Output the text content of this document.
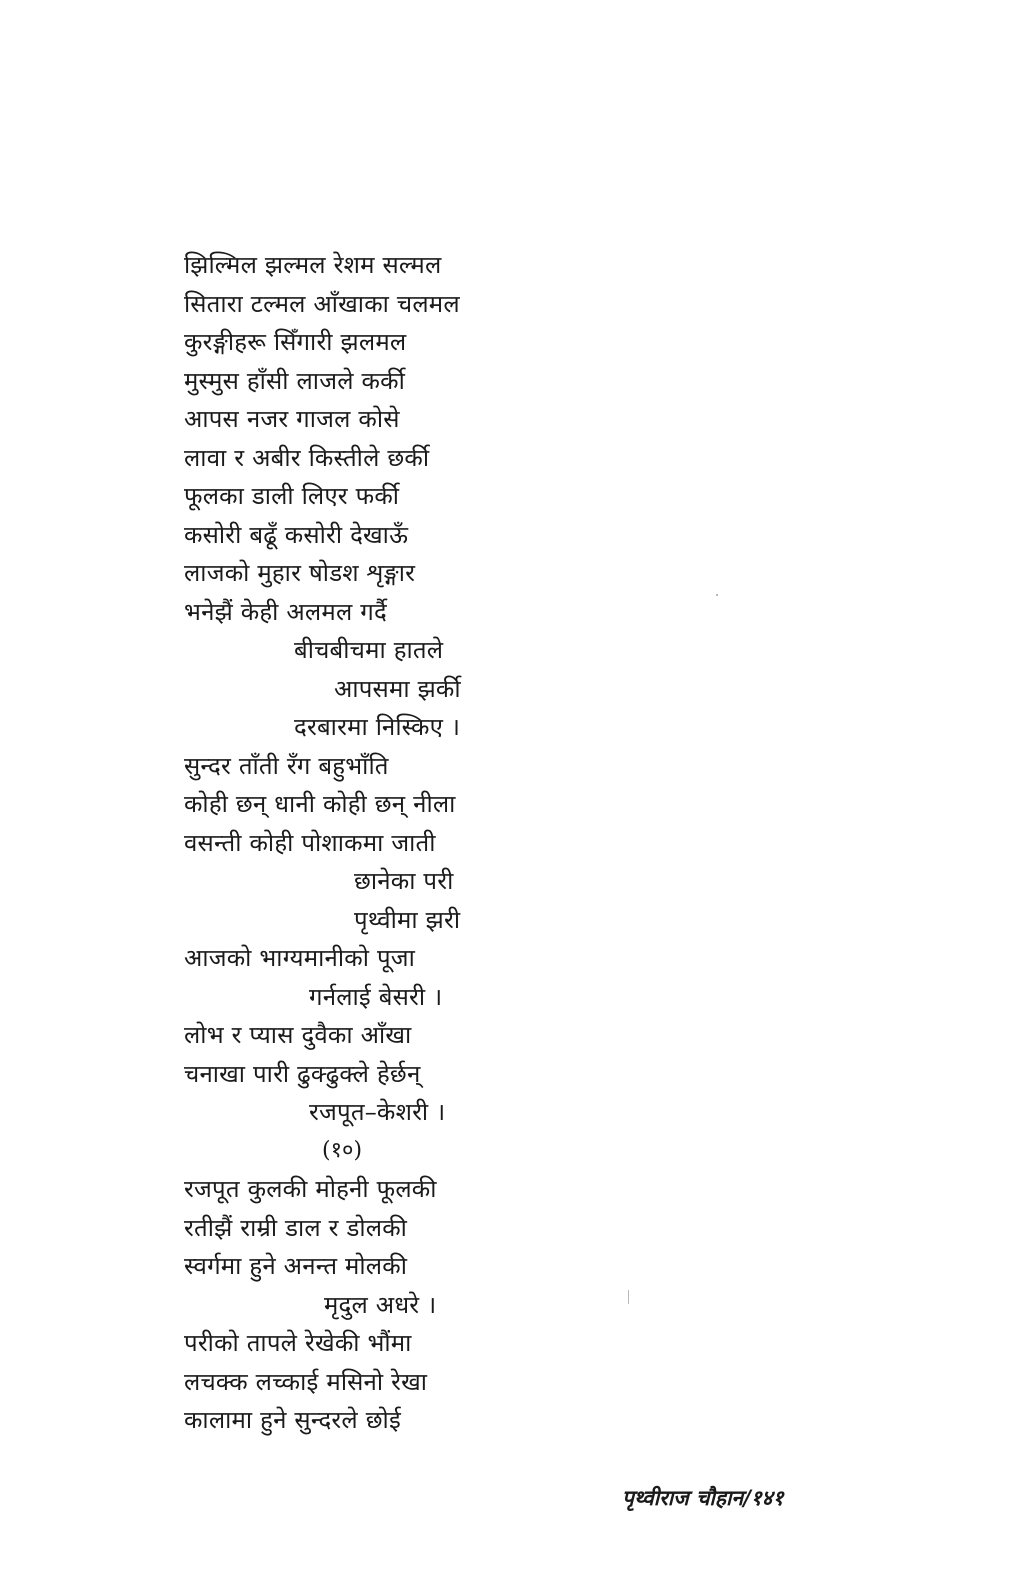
झिल्मिल झल्मल रेशम सल्मल
सितारा टल्मल आँखाका चलमल
कुरङ्गीहरू सिँगारी झलमल
मुस्मुस हाँसी लाजले कर्की
आपस नजर गाजल कोसे
लावा र अबीर किस्तीले छर्की
फूलका डाली लिएर फर्की
कसोरी बढूँ कसोरी देखाऊँ
लाजको मुहार षोडश शृङ्गार
भनेझैं केही अलमल गर्दै
बीचबीचमा हातले
आपसमा झर्की
दरबारमा निस्किए ।
सुन्दर ताँती रँग बहुभाँति
कोही छन् धानी कोही छन् नीला
वसन्ती कोही पोशाकमा जाती
छानेका परी
पृथ्वीमा झरी
आजको भाग्यमानीको पूजा
गर्नलाई बेसरी ।
लोभ र प्यास दुवैका आँखा
चनाखा पारी ढुक्ढुक्ले हेर्छन्
रजपूत–केशरी ।
(१०)
रजपूत कुलकी मोहनी फूलकी
रतीझैं राम्री डाल र डोलकी
स्वर्गमा हुने अनन्त मोलकी
मृदुल अधरे ।
परीको तापले रेखेकी भौंमा
लचक्क लच्काई मसिनो रेखा
कालामा हुने सुन्दरले छोई
पृथ्वीराज चौहान/१४१
